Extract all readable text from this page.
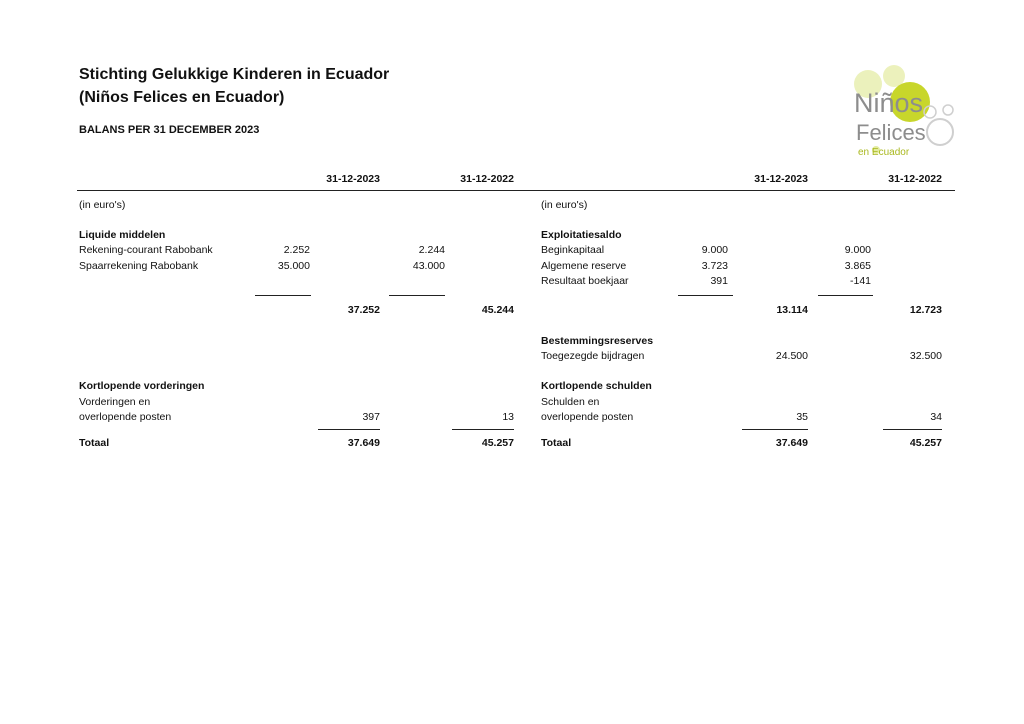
Stichting Gelukkige Kinderen in Ecuador
(Niños Felices en Ecuador)
BALANS PER 31 DECEMBER 2023
Niños
Felices
en Ecuador
31-12-2023	31-12-2022	31-12-2023	31-12-2022
(in euro's)
Liquide middelen
Rekening-courant Rabobank	2.252	2.244
Spaarrekening Rabobank	35.000	43.000
37.252	45.244
Kortlopende vorderingen
Vorderingen en
overlopende posten	397	13
Totaal	37.649	45.257
(in euro's)
Exploitatiesaldo
Beginkapitaal	9.000	9.000
Algemene reserve	3.723	3.865
Resultaat boekjaar	391	-141
13.114	12.723
Bestemmingsreserves
Toegezegde bijdragen	24.500	32.500
Kortlopende schulden
Schulden en
overlopende posten	35	34
Totaal	37.649	45.257
